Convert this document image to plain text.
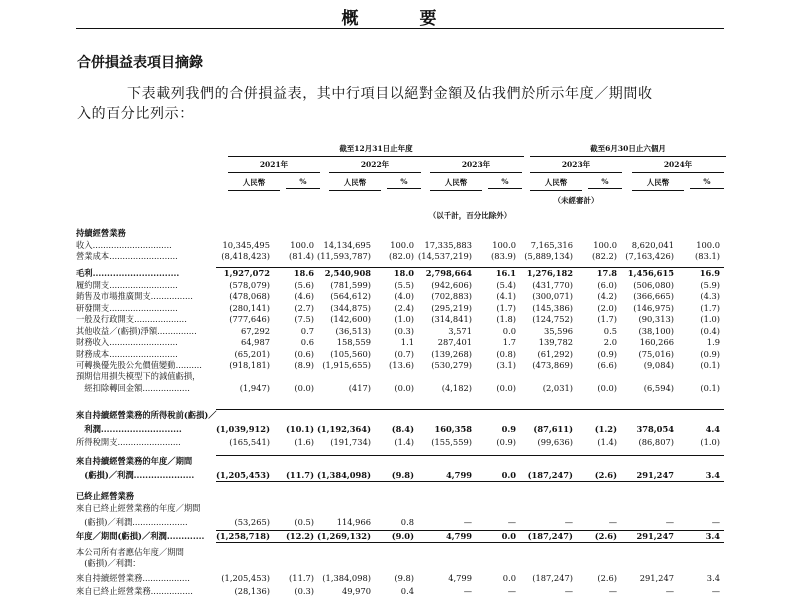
概　要
合併損益表項目摘錄
下表載列我們的合併損益表，其中行項目以絕對金額及佔我們於所示年度／期間收
入的百分比列示：
截至12月31日止年度	截至6月30日止六個月
2021年	2022年	2023年	2023年	2024年
人民幣	%	人民幣	%	人民幣	%	人民幣	%	人民幣	%
（未經審計）
（以千計，百分比除外）
持續經營業務
收入..............................	10,345,495 100.0 14,134,695 100.0 17,335,883 100.0 7,165,316 100.0 8,620,041	100.0
營業成本..........................	(8,418,423) (81.4) (11,593,787) (82.0) (14,537,219) (83.9) (5,889,134) (82.2) (7,163,426)	(83.1)
毛利..............................	1,927,072	18.6 2,540,908	18.0 2,798,664	16.1 1,276,182	17.8 1,456,615	16.9
履約開支..........................	(578,079)	(5.6) (781,599)	(5.5) (942,606)	(5.4) (431,770)	(6.0) (506,080)	(5.9)
銷售及市場推廣開支................	(478,068)	(4.6) (564,612)	(4.0) (702,883)	(4.1) (300,071)	(4.2) (366,665)	(4.3)
研發開支..........................	(280,141)	(2.7) (344,875)	(2.4) (295,219)	(1.7) (145,386)	(2.0) (146,975)	(1.7)
一般及行政開支....................	(777,646)	(7.5) (142,600)	(1.0) (314,841)	(1.8) (124,752)	(1.7)	(90,313)	(1.0)
其他收益／(虧損)淨額...............	67,292	0.7	(36,513)	(0.3)	3,571	0.0	35,596	0.5	(38,100)	(0.4)
財務收入..........................	64,987	0.6	158,559	1.1	287,401	1.7	139,782	2.0	160,266	1.9
財務成本..........................	(65,201)	(0.6) (105,560)	(0.7) (139,268)	(0.8)	(61,292)	(0.9)	(75,016)	(0.9)
可轉換優先股公允價值變動..........	(918,181)	(8.9) (1,915,655) (13.6) (530,279)	(3.1) (473,869)	(6.6)	(9,084)	(0.1)
預期信用損失模型下的減值虧損，
　經扣除轉回金額..................	(1,947)	(0.0)	(417)	(0.0)	(4,182)	(0.0)	(2,031)	(0.0)	(6,594)	(0.1)
來自持續經營業務的所得稅前(虧損)／
　利潤............................	(1,039,912) (10.1) (1,192,364) (8.4) 160,358	0.9 (87,611)	(1.2) 378,054	4.4
所得稅開支........................	(165,541)	(1.6) (191,734)	(1.4) (155,559)	(0.9)	(99,636)	(1.4)	(86,807)	(1.0)
來自持續經營業務的年度／期間
　(虧損)／利潤.....................	(1,205,453) (11.7) (1,384,098) (9.8)	4,799	0.0 (187,247)	(2.6) 291,247	3.4
已終止經營業務
來自已終止經營業務的年度／期間
　(虧損)／利潤.....................	(53,265)	(0.5)	114,966	0.8	—	—	—	—	—	—
年度／期間(虧損)／利潤............. (1,258,718) (12.2) (1,269,132) (9.0)	4,799	0.0 (187,247)	(2.6) 291,247	3.4
本公司所有者應佔年度／期間
　(虧損)／利潤：
來自持續經營業務..................	(1,205,453) (11.7) (1,384,098)	(9.8)	4,799	0.0 (187,247)	(2.6)	291,247	3.4
來自已終止經營業務................	(28,136)	(0.3)	49,970	0.4	—	—	—	—	—	—
